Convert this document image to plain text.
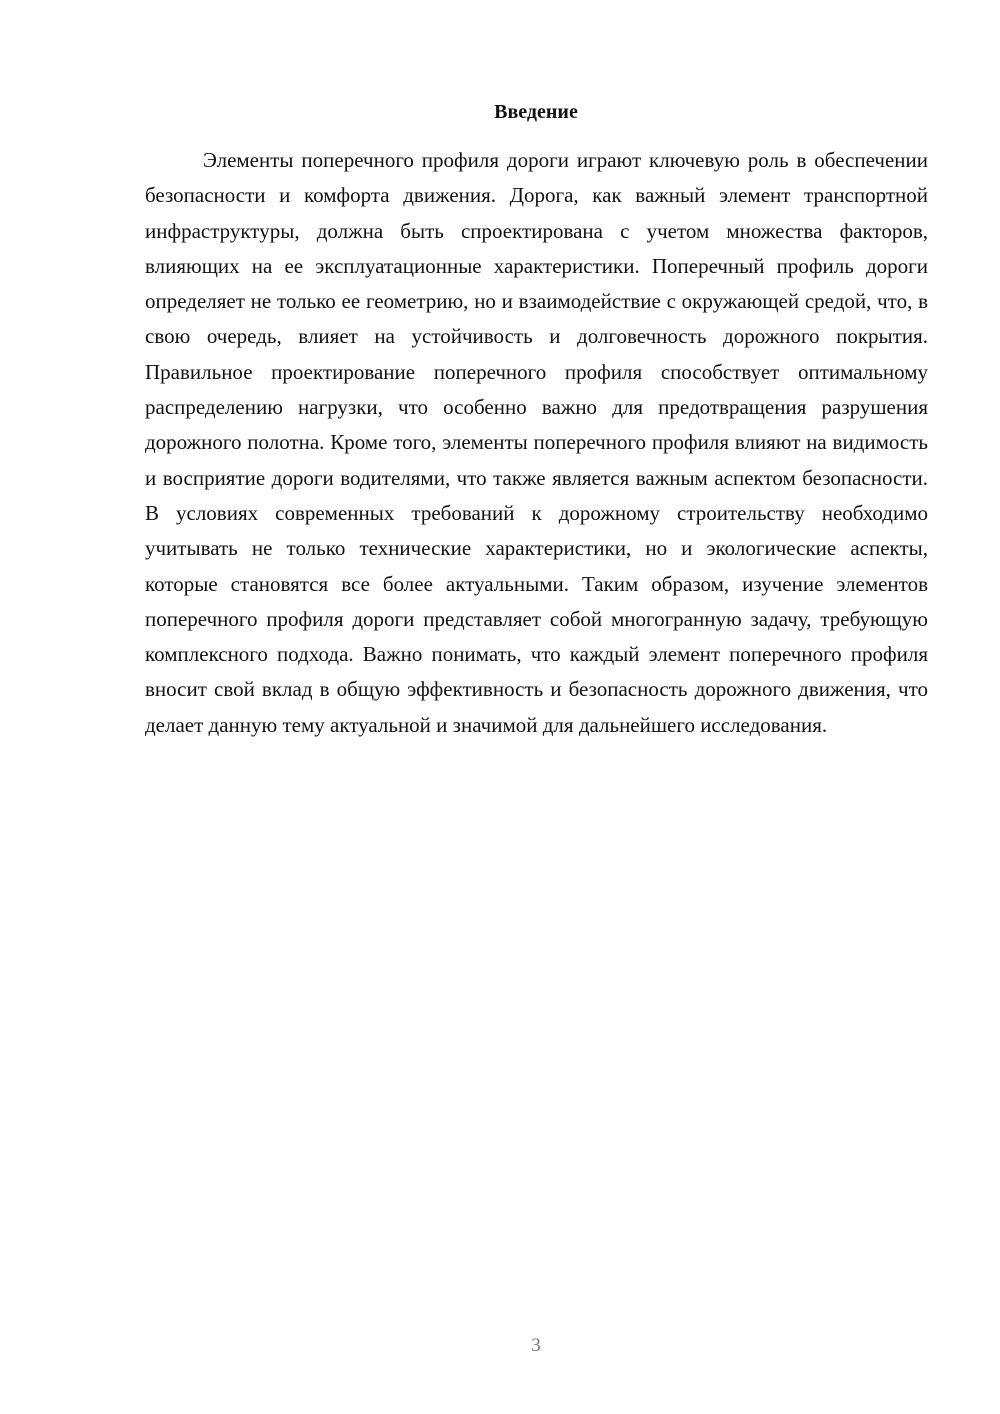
Введение

Элементы поперечного профиля дороги играют ключевую роль в обеспечении безопасности и комфорта движения. Дорога, как важный элемент транспортной инфраструктуры, должна быть спроектирована с учетом множества факторов, влияющих на ее эксплуатационные характеристики. Поперечный профиль дороги определяет не только ее геометрию, но и взаимодействие с окружающей средой, что, в свою очередь, влияет на устойчивость и долговечность дорожного покрытия. Правильное проектирование поперечного профиля способствует оптимальному распределению нагрузки, что особенно важно для предотвращения разрушения дорожного полотна. Кроме того, элементы поперечного профиля влияют на видимость и восприятие дороги водителями, что также является важным аспектом безопасности. В условиях современных требований к дорожному строительству необходимо учитывать не только технические характеристики, но и экологические аспекты, которые становятся все более актуальными. Таким образом, изучение элементов поперечного профиля дороги представляет собой многогранную задачу, требующую комплексного подхода. Важно понимать, что каждый элемент поперечного профиля вносит свой вклад в общую эффективность и безопасность дорожного движения, что делает данную тему актуальной и значимой для дальнейшего исследования.

3
